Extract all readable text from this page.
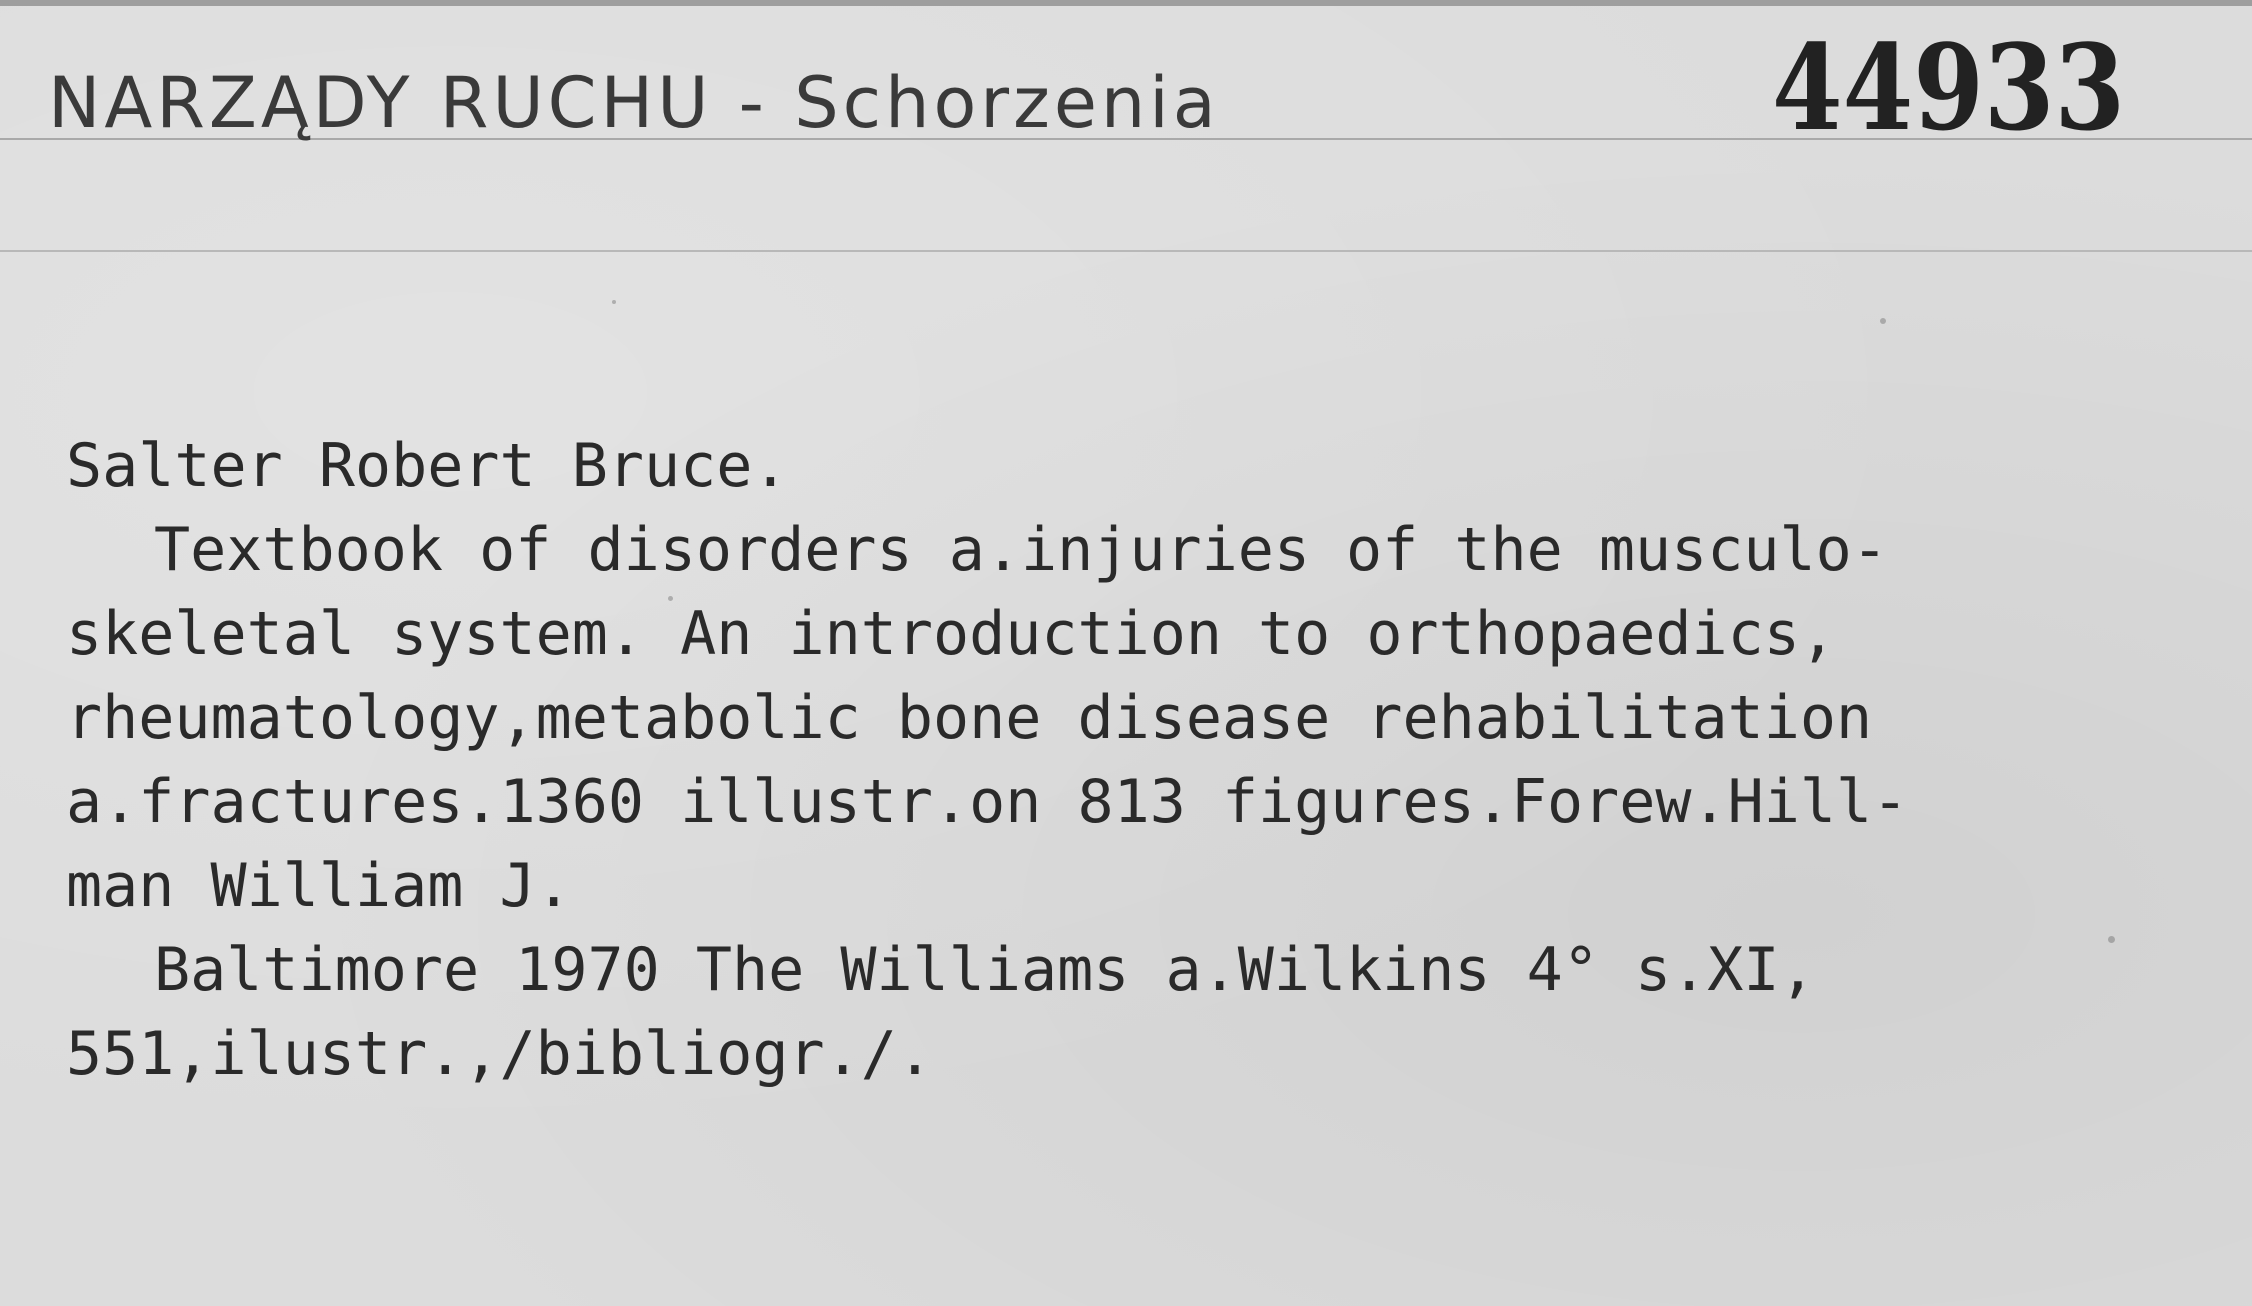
NARZĄDY RUCHU - Schorzenia	44933
Salter Robert Bruce.
Textbook of disorders a.injuries of the musculo-
skeletal system. An introduction to orthopaedics,
rheumatology,metabolic bone disease rehabilitation
a.fractures.1360 illustr.on 813 figures.Forew.Hill-
man William J.
Baltimore 1970 The Williams a.Wilkins 4° s.XI,
551,ilustr.,/bibliogr./.
